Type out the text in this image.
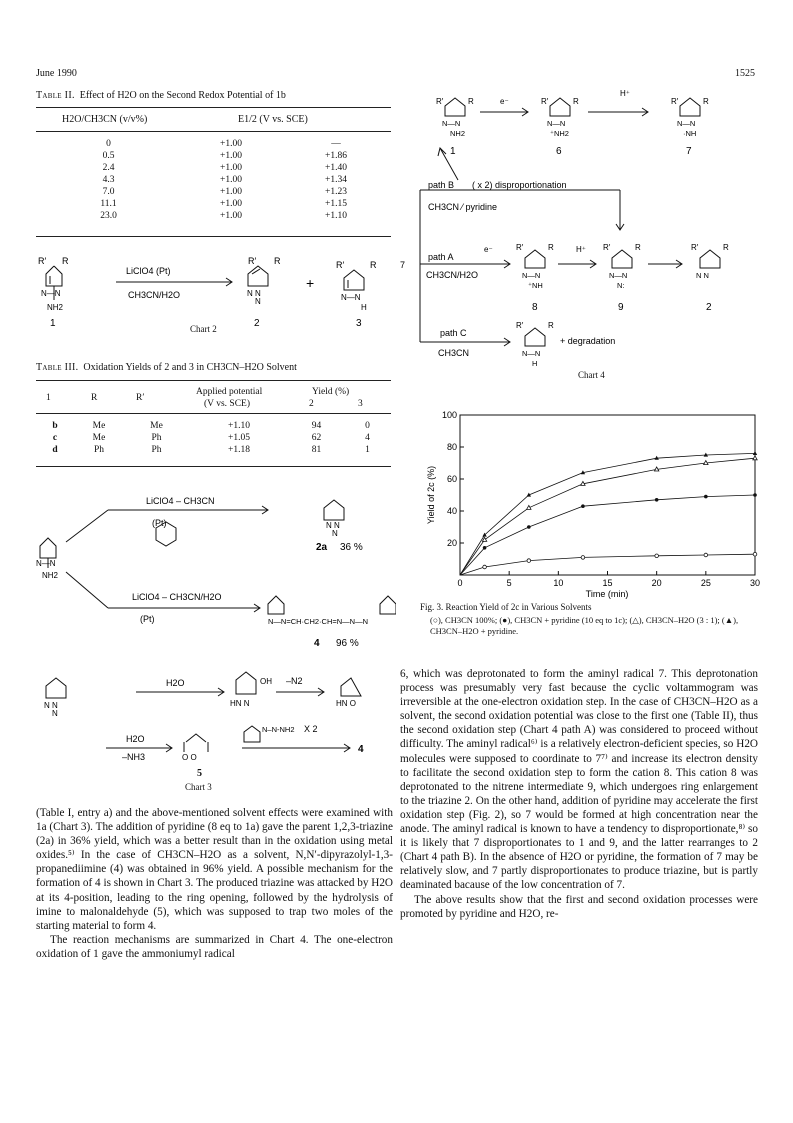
June 1990	1525
Table II. Effect of H2O on the Second Redox Potential of 1b
H2O/CH3CN (v/v%)	E1/2 (V vs. SCE)
0	+1.00	—
0.5	+1.00	+1.86
2.4	+1.00	+1.40
4.3	+1.00	+1.34
7.0	+1.00	+1.23
11.1	+1.00	+1.15
23.0	+1.00	+1.10
R′ R
N—N
NH2
LiClO4 (Pt)
CH3CN/H2O
R′ R
N N
N
+
R′	R
N—N
H
1	2	3
Chart 2
Table III. Oxidation Yields of 2 and 3 in CH3CN–H2O Solvent
1	R	R′
Applied potential
(V vs. SCE)
Yield (%)
2	3
b	Me	Me	+1.10	94	0
c	Me	Ph	+1.05	62	4
d	Ph	Ph	+1.18	81	1
N—N
NH2
LiClO4 – CH3CN
(Pt)	N N
N
2a 36 %
LiClO4 – CH3CN/H2O
(Pt)	N—N=CH·CH2·CH=N—N—N
4 96 %
N N
N
H2O
HN N
OH –N2
HN O
H2O
–NH3	O O
N–N-NH2 X 2
4
5
Chart 3

(Table I, entry a) and the above-mentioned solvent effects were examined with 1a (Chart 3). The addition of pyridine (8 eq to 1a) gave the parent 1,2,3-triazine (2a) in 36% yield, which was a better result than in the oxidation using metal oxides.⁵⁾ In the case of CH3CN–H2O as a solvent, N,N′-dipyrazolyl-1,3-propanediimine (4) was obtained in 96% yield. A possible mechanism for the formation of 4 is shown in Chart 3. The produced triazine was attacked by H2O at its 4-position, leading to the ring opening, followed by the hydrolysis of imine to malonaldehyde (5), which was supposed to trap two moles of the starting material to form 4.

The reaction mechanisms are summarized in Chart 4. The one-electron oxidation of 1 gave the ammoniumyl radical

R′	R
N—N
NH2
e⁻	R′	R
N—N
⁺NH2
H⁺
R′	R
N—N
·NH
1	6	7
path B ( x 2) disproportionation
CH3CN ⁄ pyridine
7
path A
e⁻
CH3CN/H2O
R′	R
N—N
⁺NH
H⁺ R′	R
N—N
N:
R′	R
N N
8	9	2
path C
CH3CN
R′	R
N—N
H
+ degradation
Chart 4
20
40
60
80
100
0	5	10	15	20	25	30
Time (min)
Yield of 2c (%)
Fig. 3. Reaction Yield of 2c in Various Solvents
(○), CH3CN 100%; (●), CH3CN + pyridine (10 eq to 1c); (△), CH3CN–H2O (3 : 1); (▲), CH3CN–H2O + pyridine.

6, which was deprotonated to form the aminyl radical 7. This deprotonation process was presumably very fast because the cyclic voltammogram was irreversible at the one-electron oxidation step. In the case of CH3CN–H2O as a solvent, the second oxidation potential was close to the first one (Table II), thus the second oxidation step (Chart 4 path A) was considered to proceed without difficulty. The aminyl radical⁶⁾ is a relatively electron-deficient species, so H2O molecules were supposed to coordinate to 7⁷⁾ and increase its electron density to facilitate the second oxidation step to form the cation 8. This cation 8 was deprotonated to the nitrene intermediate 9, which undergoes ring enlargement to the triazine 2. On the other hand, addition of pyridine may accelerate the first oxidation step (Fig. 2), so 7 would be formed at high concentration near the anode. The aminyl radical is known to have a tendency to disproportionate,⁸⁾ so it is likely that 7 disproportionates to 1 and 9, and the latter rearranges to 2 (Chart 4 path B). In the absence of H2O or pyridine, the formation of 7 may be relatively slow, and 7 partly disproportionates to produce triazine, but is partly deaminated bacause of the low concentration of 7.

The above results show that the first and second oxidation processes were promoted by pyridine and H2O, re-
